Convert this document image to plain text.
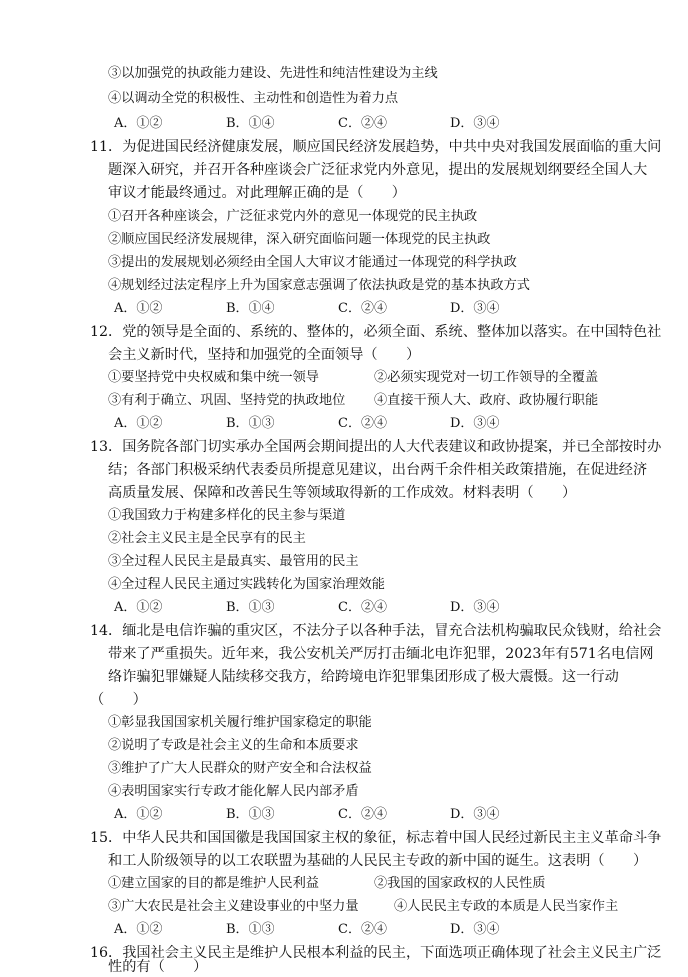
③以加强党的执政能力建设、先进性和纯洁性建设为主线
④以调动全党的积极性、主动性和创造性为着力点
A．①②	B．①④	C．②④	D．③④
11．为促进国民经济健康发展，顺应国民经济发展趋势，中共中央对我国发展面临的重大问
题深入研究，并召开各种座谈会广泛征求党内外意见，提出的发展规划纲要经全国人大
审议才能最终通过。对此理解正确的是（　　）
①召开各种座谈会，广泛征求党内外的意见一体现党的民主执政
②顺应国民经济发展规律，深入研究面临问题一体现党的民主执政
③提出的发展规划必须经由全国人大审议才能通过一体现党的科学执政
④规划经过法定程序上升为国家意志强调了依法执政是党的基本执政方式
A．①②	B．①④	C．②④	D．③④
12．党的领导是全面的、系统的、整体的，必须全面、系统、整体加以落实。在中国特色社
会主义新时代，坚持和加强党的全面领导（　　）
①要坚持党中央权威和集中统一领导	②必须实现党对一切工作领导的全覆盖
③有利于确立、巩固、坚持党的执政地位 ④直接干预人大、政府、政协履行职能
A．①②	B．①③	C．②④	D．③④
13．国务院各部门切实承办全国两会期间提出的人大代表建议和政协提案，并已全部按时办
结；各部门积极采纳代表委员所提意见建议，出台两千余件相关政策措施，在促进经济
高质量发展、保障和改善民生等领域取得新的工作成效。材料表明（　　）
①我国致力于构建多样化的民主参与渠道
②社会主义民主是全民享有的民主
③全过程人民民主是最真实、最管用的民主
④全过程人民民主通过实践转化为国家治理效能
A．①②	B．①③	C．②④	D．③④
14．缅北是电信诈骗的重灾区，不法分子以各种手法，冒充合法机构骗取民众钱财，给社会
带来了严重损失。近年来，我公安机关严厉打击缅北电诈犯罪，2023年有571名电信网
络诈骗犯罪嫌疑人陆续移交我方，给跨境电诈犯罪集团形成了极大震慑。这一行动
（　　）
①彰显我国国家机关履行维护国家稳定的职能
②说明了专政是社会主义的生命和本质要求
③维护了广大人民群众的财产安全和合法权益
④表明国家实行专政才能化解人民内部矛盾
A．①②	B．①③	C．②④	D．③④
15．中华人民共和国国徽是我国国家主权的象征，标志着中国人民经过新民主主义革命斗争
和工人阶级领导的以工农联盟为基础的人民民主专政的新中国的诞生。这表明（　　）
①建立国家的目的都是维护人民利益	②我国的国家政权的人民性质
③广大农民是社会主义建设事业的中坚力量	④人民民主专政的本质是人民当家作主
A．①②	B．①③	C．②④	D．③④
16．我国社会主义民主是维护人民根本利益的民主，下面选项正确体现了社会主义民主广泛
性的有（　　）
